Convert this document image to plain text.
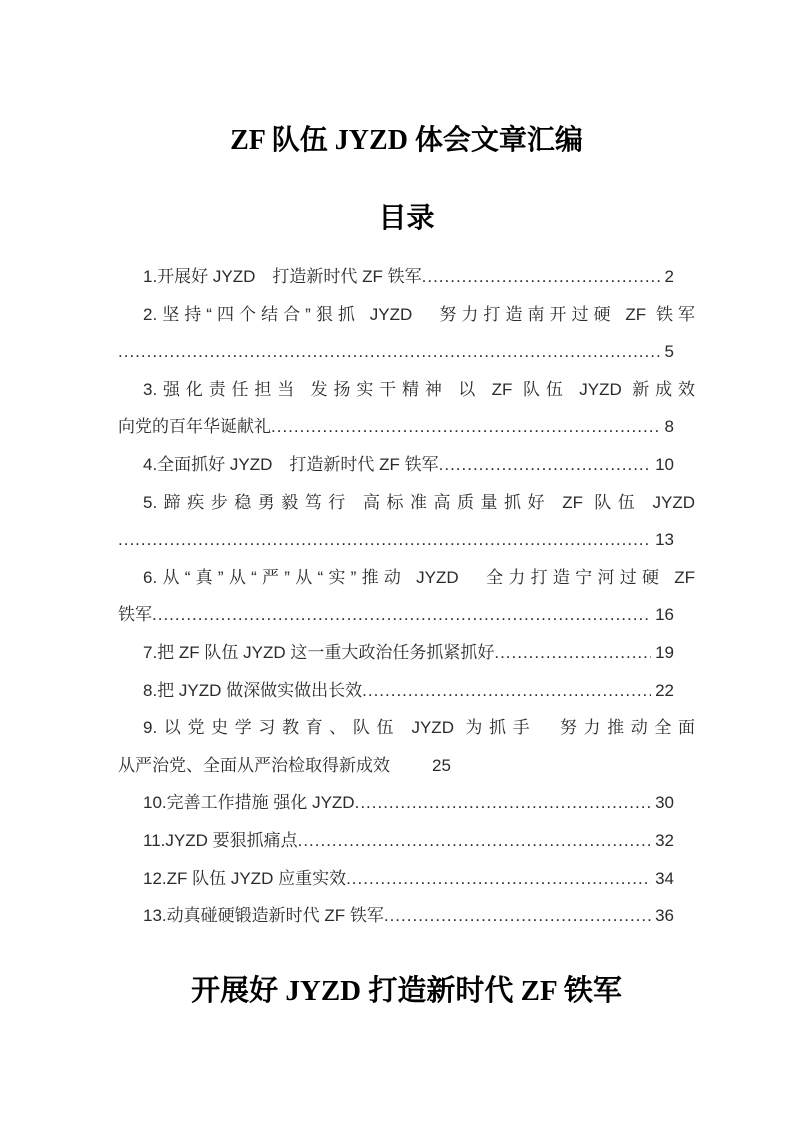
ZF 队伍 JYZD 体会文章汇编
目录
1.开展好 JYZD　打造新时代 ZF 铁军 .....	2
2.坚持“四个结合”狠抓 JYZD　努力打造南开过硬 ZF 铁军
.....
5
3.强化责任担当 发扬实干精神 以 ZF 队伍 JYZD 新成效
向党的百年华诞献礼 .....	8
4.全面抓好 JYZD　打造新时代 ZF 铁军 .....	10
5.蹄疾步稳勇毅笃行 高标准高质量抓好 ZF 队伍 JYZD
.....
13
6.从“真”从“严”从“实”推动 JYZD　全力打造宁河过硬 ZF
铁军 .....	16
7.把 ZF 队伍 JYZD 这一重大政治任务抓紧抓好 .....	19
8.把 JYZD 做深做实做出长效 .....	22
9.以党史学习教育、队伍 JYZD 为抓手　努力推动全面
从严治党、全面从严治检取得新成效 25
10.完善工作措施 强化 JYZD .....	30
11.JYZD 要狠抓痛点 .....	32
12.ZF 队伍 JYZD 应重实效 .....	34
13.动真碰硬锻造新时代 ZF 铁军 .....	36
开展好 JYZD 打造新时代 ZF 铁军
